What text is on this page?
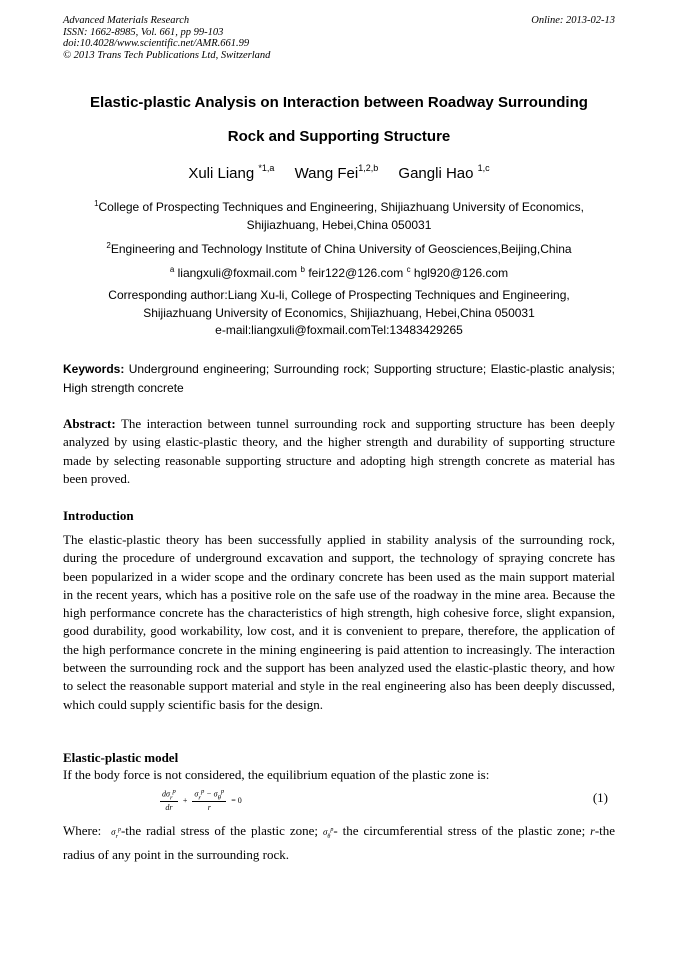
Advanced Materials Research
ISSN: 1662-8985, Vol. 661, pp 99-103
doi:10.4028/www.scientific.net/AMR.661.99
© 2013 Trans Tech Publications Ltd, Switzerland
Online: 2013-02-13
Elastic-plastic Analysis on Interaction between Roadway Surrounding
Rock and Supporting Structure
Xuli Liang $^{*1,a}$ Wang Fei$^{1,2,b}$ Gangli Hao $^{1,c}$
$^1$College of Prospecting Techniques and Engineering, Shijiazhuang University of Economics,
Shijiazhuang, Hebei,China 050031
$^2$Engineering and Technology Institute of China University of Geosciences,Beijing,China
$^a$ liangxuli@foxmail.com $^b$ feir122@126.com $^c$ hgl920@126.com
Corresponding author:Liang Xu-li, College of Prospecting Techniques and Engineering,
Shijiazhuang University of Economics, Shijiazhuang, Hebei,China 050031
e-mail:liangxuli@foxmail.comTel:13483429265
Keywords: Underground engineering; Surrounding rock; Supporting structure; Elastic-plastic analysis; High strength concrete
Abstract: The interaction between tunnel surrounding rock and supporting structure has been deeply analyzed by using elastic-plastic theory, and the higher strength and durability of supporting structure made by selecting reasonable supporting structure and adopting high strength concrete as material has been proved.
Introduction
The elastic-plastic theory has been successfully applied in stability analysis of the surrounding rock, during the procedure of underground excavation and support, the technology of spraying concrete has been popularized in a wider scope and the ordinary concrete has been used as the main support material in the recent years, which has a positive role on the safe use of the roadway in the mine area. Because the high performance concrete has the characteristics of high strength, high cohesive force, slight expansion, good durability, good workability, low cost, and it is convenient to prepare, therefore, the application of the high performance concrete in the mining engineering is paid attention to increasingly. The interaction between the surrounding rock and the support has been analyzed used the elastic-plastic theory, and how to select the reasonable support material and style in the real engineering also has been deeply discussed, which could supply scientific basis for the design.
Elastic-plastic model
If the body force is not considered, the equilibrium equation of the plastic zone is:
$\frac{d\sigma_r^p}{dr} + \frac{\sigma_r^p - \sigma_\theta^p}{r} = 0$	(1)
Where: $\sigma_r^p$-the radial stress of the plastic zone; $\sigma_\theta^p-$ the circumferential stress of the plastic zone; r-the radius of any point in the surrounding rock.
